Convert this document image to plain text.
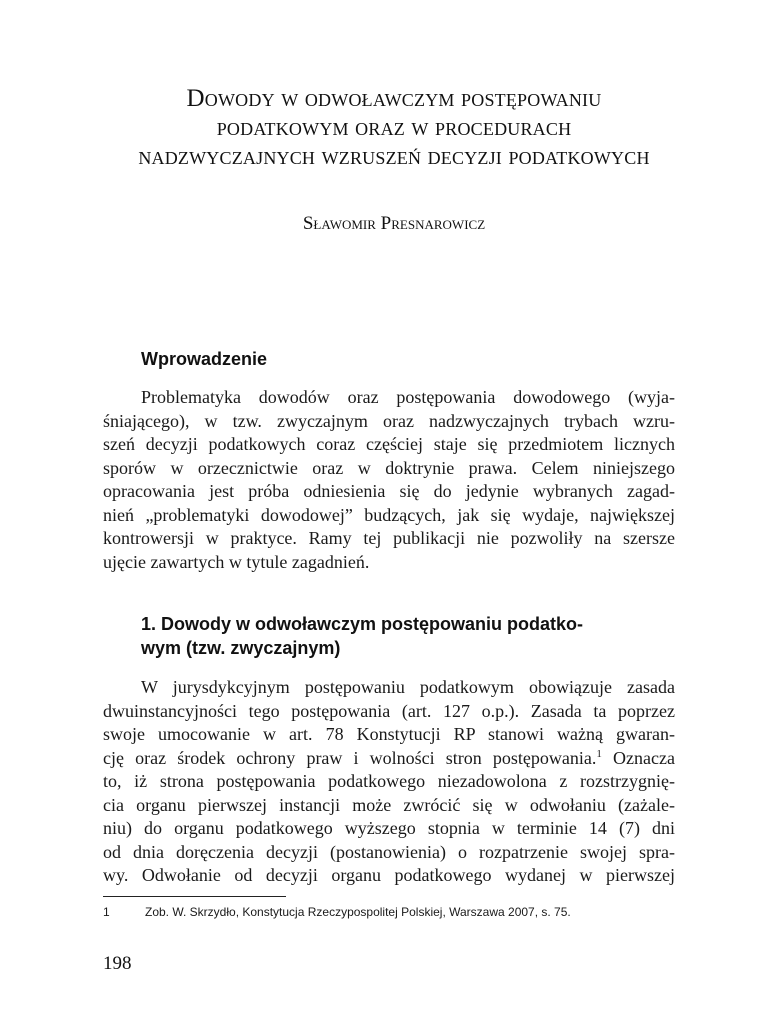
Dowody w odwoławczym postępowaniu
podatkowym oraz w procedurach
nadzwyczajnych wzruszeń decyzji podatkowych
Sławomir Presnarowicz
Wprowadzenie
Problematyka dowodów oraz postępowania dowodowego (wyja-
śniającego), w tzw. zwyczajnym oraz nadzwyczajnych trybach wzru-
szeń decyzji podatkowych coraz częściej staje się przedmiotem licznych
sporów w orzecznictwie oraz w doktrynie prawa. Celem niniejszego
opracowania jest próba odniesienia się do jedynie wybranych zagad-
nień „problematyki dowodowej” budzących, jak się wydaje, największej
kontrowersji w praktyce. Ramy tej publikacji nie pozwoliły na szersze
ujęcie zawartych w tytule zagadnień.
1. Dowody w odwoławczym postępowaniu podatko-
wym (tzw. zwyczajnym)
W jurysdykcyjnym postępowaniu podatkowym obowiązuje zasada
dwuinstancyjności tego postępowania (art. 127 o.p.). Zasada ta poprzez
swoje umocowanie w art. 78 Konstytucji RP stanowi ważną gwaran-
cję oraz środek ochrony praw i wolności stron postępowania.$^1$ Oznacza
to, iż strona postępowania podatkowego niezadowolona z rozstrzygnię-
cia organu pierwszej instancji może zwrócić się w odwołaniu (zażale-
niu) do organu podatkowego wyższego stopnia w terminie 14 (7) dni
od dnia doręczenia decyzji (postanowienia) o rozpatrzenie swojej spra-
wy. Odwołanie od decyzji organu podatkowego wydanej w pierwszej
1	Zob. W. Skrzydło, Konstytucja Rzeczypospolitej Polskiej, Warszawa 2007, s. 75.
198
